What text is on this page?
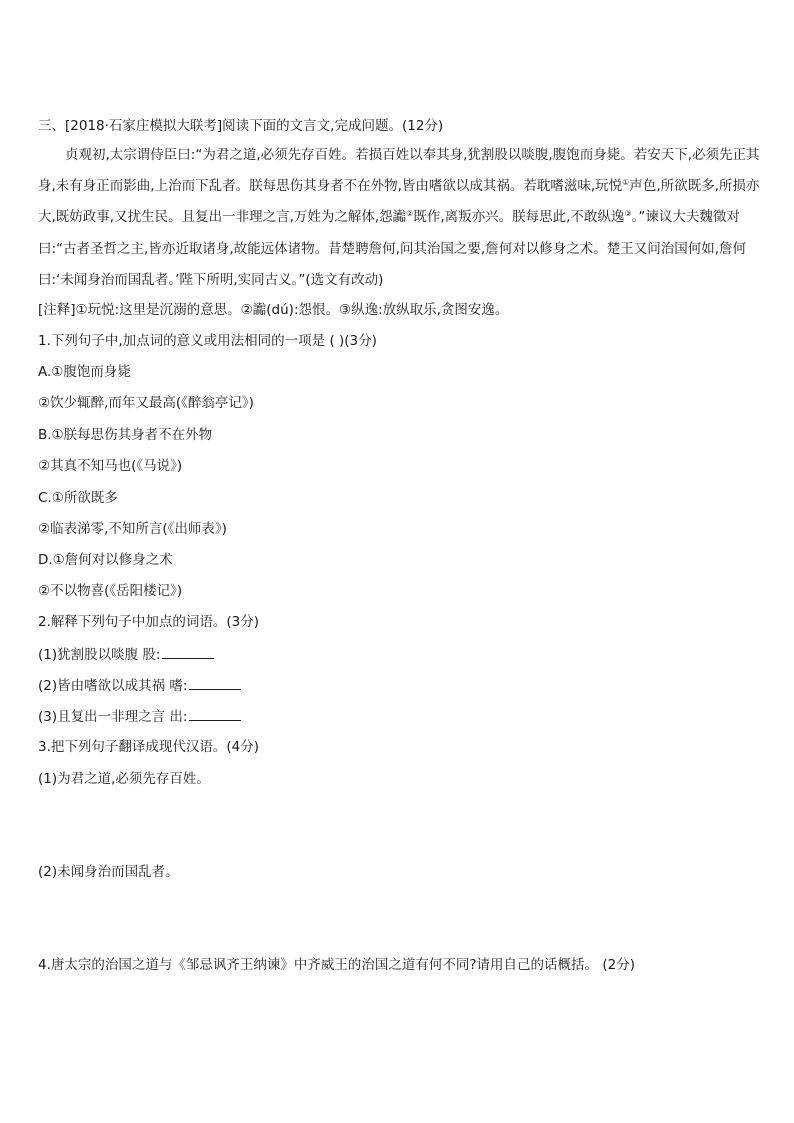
三、[2018·石家庄模拟大联考]阅读下面的文言文,完成问题。(12分)
贞观初,太宗谓侍臣曰:“为君之道,必须先存百姓。若损百姓以奉其身,犹割股以啖腹,腹饱而身毙。若安天下,必须先正其身,未有身正而影曲,上治而下乱者。朕每思伤其身者不在外物,皆由嗜欲以成其祸。若耽嗜滋味,玩悦①声色,所欲既多,所损亦大,既妨政事,又扰生民。且复出一非理之言,万姓为之解体,怨讟②既作,离叛亦兴。朕每思此,不敢纵逸③。”谏议大夫魏徵对曰:“古者圣哲之主,皆亦近取诸身,故能远体诸物。昔楚聘詹何,问其治国之要,詹何对以修身之术。楚王又问治国何如,詹何曰:‘未闻身治而国乱者。’陛下所明,实同古义。”(选文有改动)
[注释]①玩悦:这里是沉溺的意思。②讟(dú):怨恨。③纵逸:放纵取乐,贪图安逸。
1.下列句子中,加点词的意义或用法相同的一项是 ( )(3分)
A.①腹饱而身毙
②饮少辄醉,而年又最高(《醉翁亭记》)
B.①朕每思伤其身者不在外物
②其真不知马也(《马说》)
C.①所欲既多
②临表涕零,不知所言(《出师表》)
D.①詹何对以修身之术
②不以物喜(《岳阳楼记》)
2.解释下列句子中加点的词语。(3分)
(1)犹割股以啖腹 股:
(2)皆由嗜欲以成其祸 嗜:
(3)且复出一非理之言 出:
3.把下列句子翻译成现代汉语。(4分)
(1)为君之道,必须先存百姓。
(2)未闻身治而国乱者。
4.唐太宗的治国之道与《邹忌讽齐王纳谏》中齐威王的治国之道有何不同?请用自己的话概括。 (2分)
